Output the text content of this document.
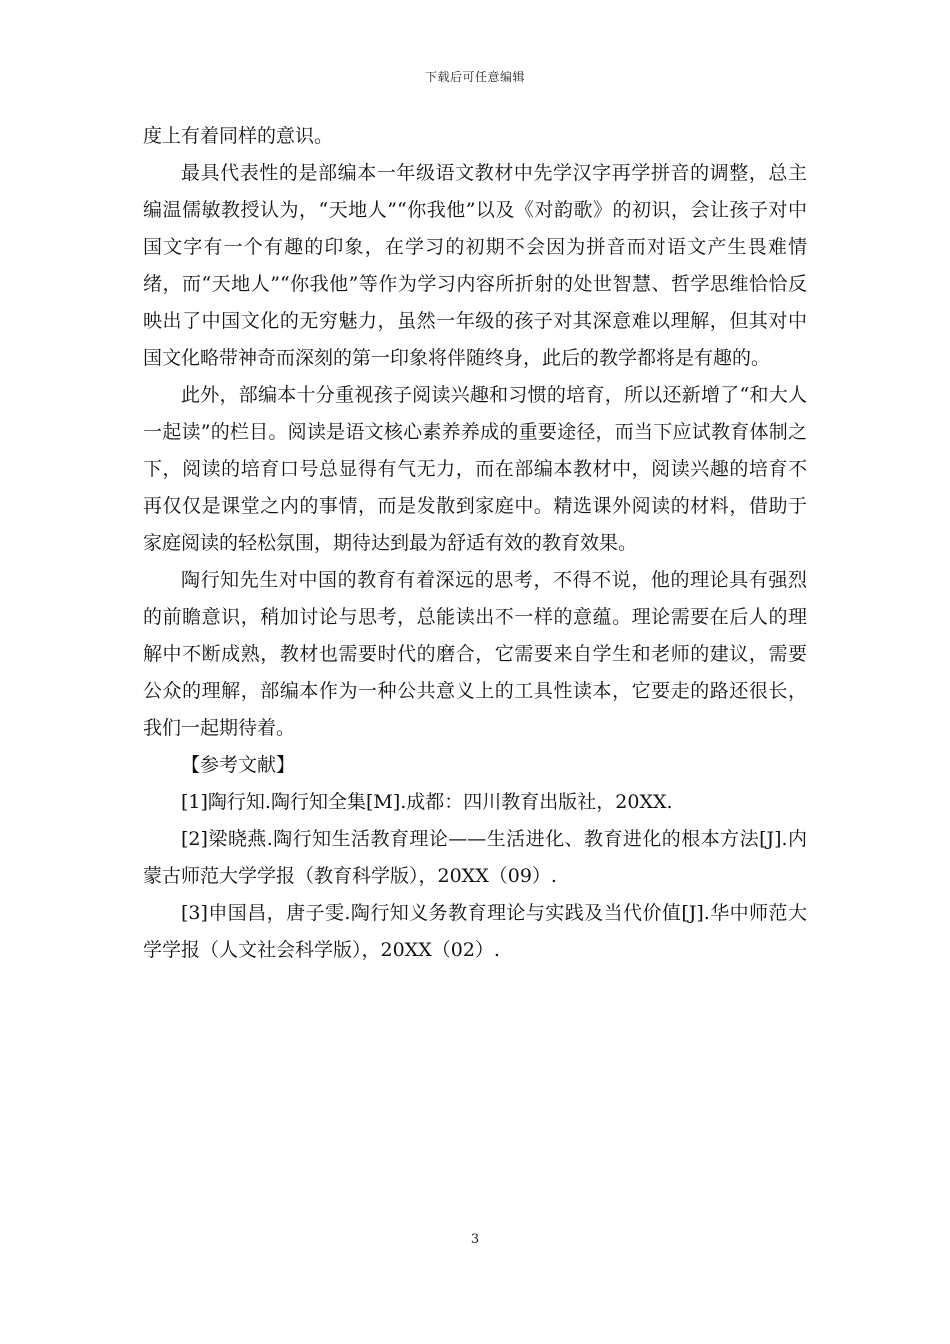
下载后可任意编辑

度上有着同样的意识。

最具代表性的是部编本一年级语文教材中先学汉字再学拼音的调整，总主编温儒敏教授认为，“天地人”“你我他”以及《对韵歌》的初识，会让孩子对中国文字有一个有趣的印象，在学习的初期不会因为拼音而对语文产生畏难情绪，而“天地人”“你我他”等作为学习内容所折射的处世智慧、哲学思维恰恰反映出了中国文化的无穷魅力，虽然一年级的孩子对其深意难以理解，但其对中国文化略带神奇而深刻的第一印象将伴随终身，此后的教学都将是有趣的。

此外，部编本十分重视孩子阅读兴趣和习惯的培育，所以还新增了“和大人一起读”的栏目。阅读是语文核心素养养成的重要途径，而当下应试教育体制之下，阅读的培育口号总显得有气无力，而在部编本教材中，阅读兴趣的培育不再仅仅是课堂之内的事情，而是发散到家庭中。精选课外阅读的材料，借助于家庭阅读的轻松氛围，期待达到最为舒适有效的教育效果。

陶行知先生对中国的教育有着深远的思考，不得不说，他的理论具有强烈的前瞻意识，稍加讨论与思考，总能读出不一样的意蕴。理论需要在后人的理解中不断成熟，教材也需要时代的磨合，它需要来自学生和老师的建议，需要公众的理解，部编本作为一种公共意义上的工具性读本，它要走的路还很长，我们一起期待着。

【参考文献】

[1]陶行知.陶行知全集[M].成都：四川教育出版社，20XX.

[2]梁晓燕.陶行知生活教育理论——生活进化、教育进化的根本方法[J].内蒙古师范大学学报（教育科学版），20XX（09）.

[3]申国昌，唐子雯.陶行知义务教育理论与实践及当代价值[J].华中师范大学学报（人文社会科学版），20XX（02）.

3
